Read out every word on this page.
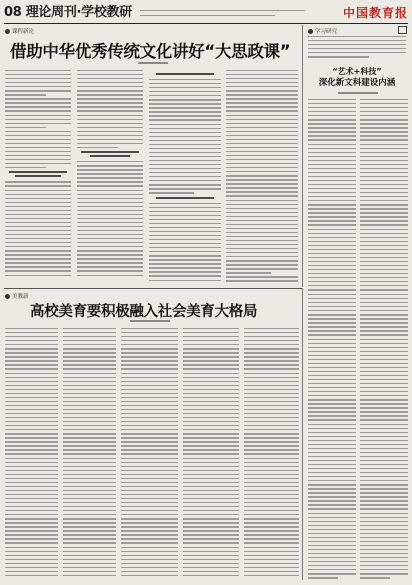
08 理论周刊·学校教研	中国教育报
课程新论
借助中华优秀传统文化讲好“大思政课”
学习研究
“艺术+科技”
深化新文科建设内涵
美教新
高校美育要积极融入社会美育大格局
